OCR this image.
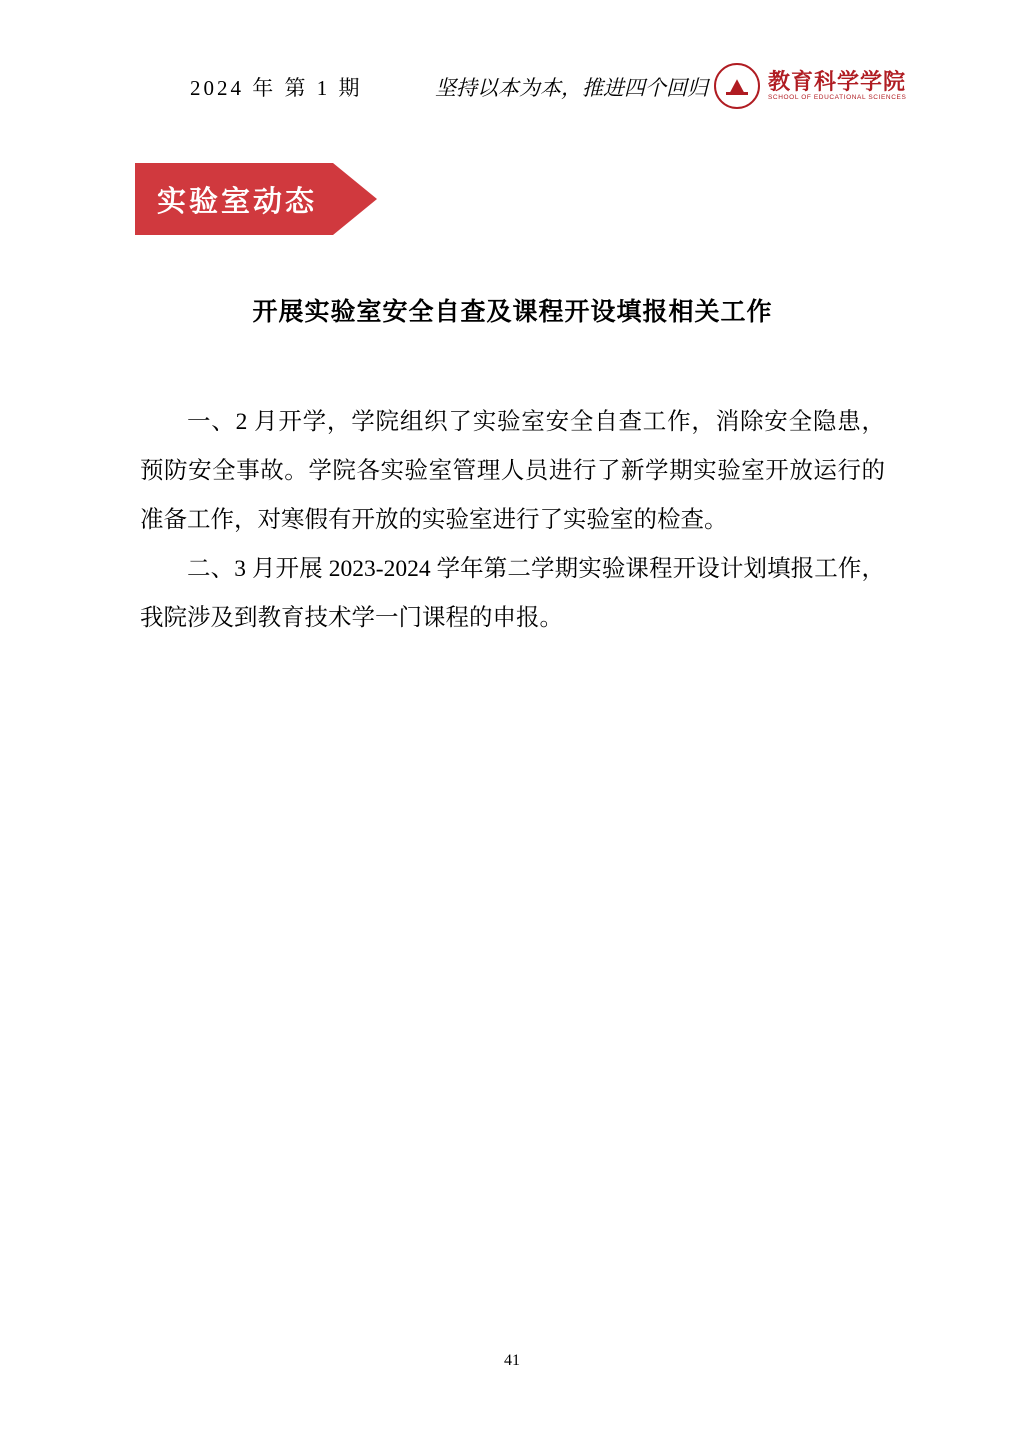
2024 年 第 1 期	坚持以本为本，推进四个回归	教育科学学院
SCHOOL OF EDUCATIONAL SCIENCES
实验室动态
开展实验室安全自查及课程开设填报相关工作

一、2 月开学，学院组织了实验室安全自查工作，消除安全隐患，预防安全事故。学院各实验室管理人员进行了新学期实验室开放运行的准备工作，对寒假有开放的实验室进行了实验室的检查。

二、3 月开展 2023-2024 学年第二学期实验课程开设计划填报工作，我院涉及到教育技术学一门课程的申报。

41
